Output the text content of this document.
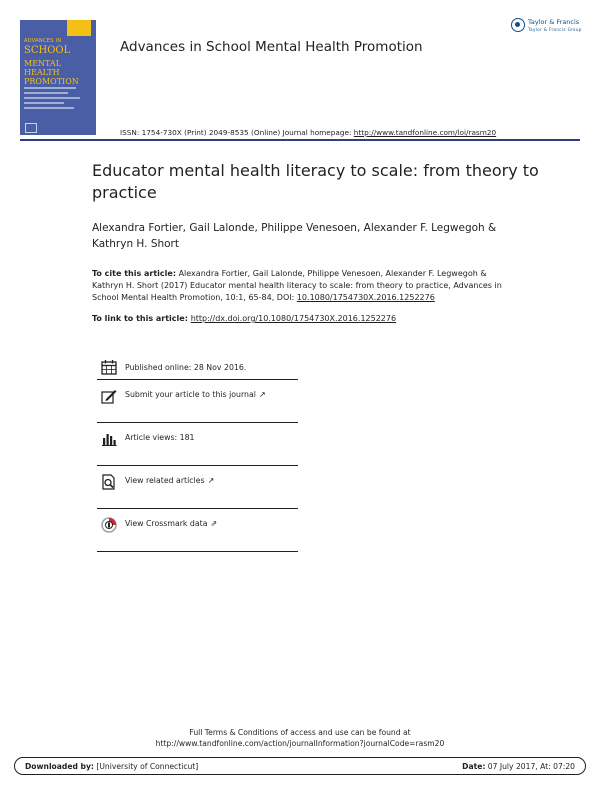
ADVANCES IN
SCHOOL
MENTAL HEALTH PROMOTION
Advances in School Mental Health Promotion
Taylor & Francis
Taylor & Francis Group
ISSN: 1754-730X (Print) 2049-8535 (Online) Journal homepage: http://www.tandfonline.com/loi/rasm20
Educator mental health literacy to scale: from theory to practice
Alexandra Fortier, Gail Lalonde, Philippe Venesoen, Alexander F. Legwegoh & Kathryn H. Short
To cite this article: Alexandra Fortier, Gail Lalonde, Philippe Venesoen, Alexander F. Legwegoh & Kathryn H. Short (2017) Educator mental health literacy to scale: from theory to practice, Advances in School Mental Health Promotion, 10:1, 65-84, DOI: 10.1080/1754730X.2016.1252276
To link to this article: http://dx.doi.org/10.1080/1754730X.2016.1252276
Published online: 28 Nov 2016.
Submit your article to this journal ↗
Article views: 181
View related articles ↗
View Crossmark data ⇗
Full Terms & Conditions of access and use can be found at
http://www.tandfonline.com/action/journalInformation?journalCode=rasm20
Downloaded by: [University of Connecticut]	Date: 07 July 2017, At: 07:20
